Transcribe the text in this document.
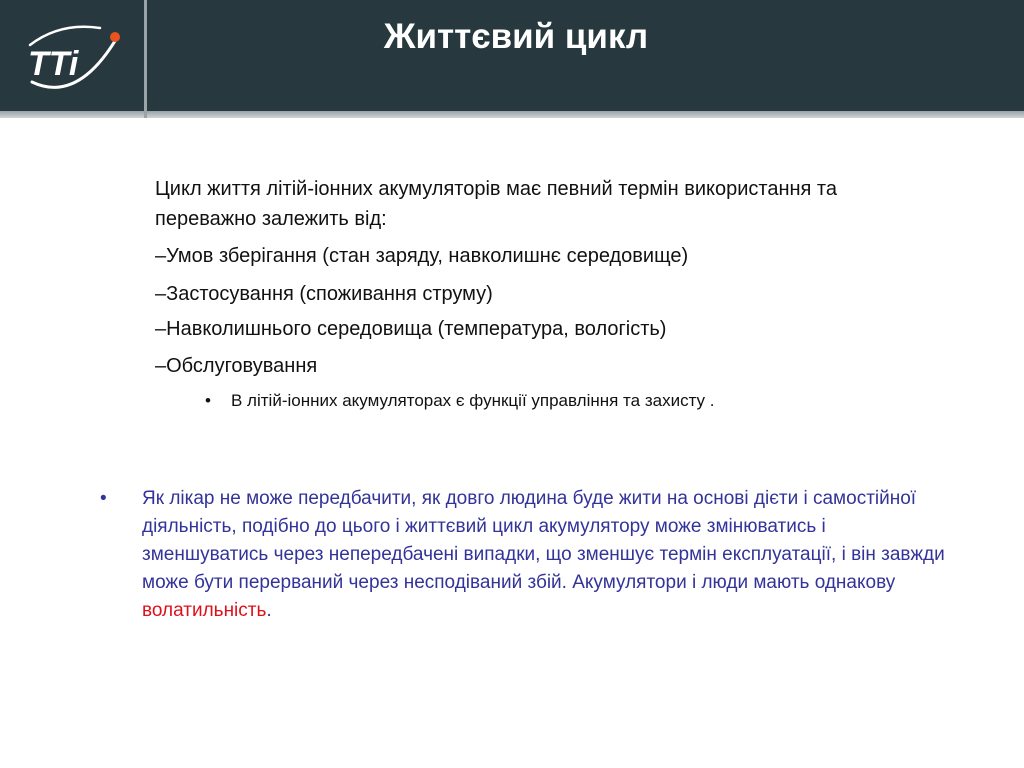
TTi
Життєвий цикл

Цикл життя літій-іонних акумуляторів має певний термін використання та переважно залежить від:

–Умов зберігання (стан заряду, навколишнє середовище)
–Застосування (споживання струму)
–Навколишнього середовища (температура, вологість)
–Обслуговування
• В літій-іонних акумуляторах є функції управління та захисту .
•	Як лікар не може передбачити, як довго людина буде жити на основі дієти і самостійної діяльність, подібно до цього і життєвий цикл акумулятору може змінюватись і зменшуватись через непередбачені випадки, що зменшує термін експлуатації, і він завжди може бути перерваний через несподіваний збій. Акумулятори і люди мають однакову волатильність.
